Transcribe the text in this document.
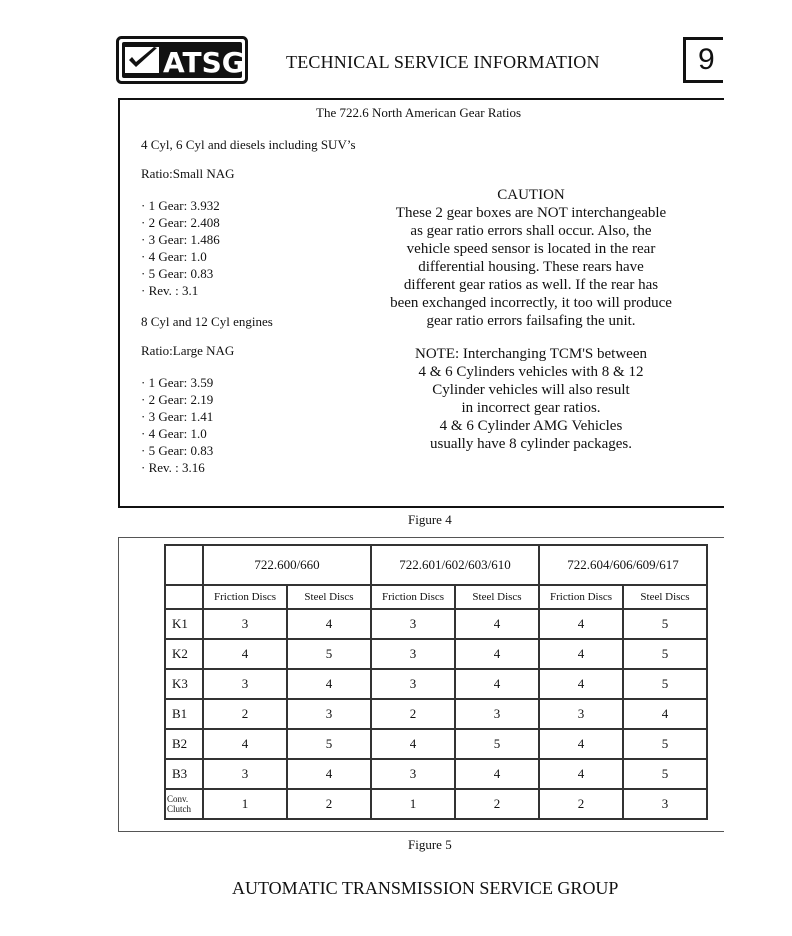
ATSG TECHNICAL SERVICE INFORMATION	9
The 722.6 North American Gear Ratios
4 Cyl, 6 Cyl and diesels including SUV’s
Ratio:Small NAG
· 1 Gear: 3.932
· 2 Gear: 2.408
· 3 Gear: 1.486
· 4 Gear: 1.0
· 5 Gear: 0.83
· Rev. : 3.1
8 Cyl and 12 Cyl engines
Ratio:Large NAG
· 1 Gear: 3.59
· 2 Gear: 2.19
· 3 Gear: 1.41
· 4 Gear: 1.0
· 5 Gear: 0.83
· Rev. : 3.16
CAUTION
These 2 gear boxes are NOT interchangeable
as gear ratio errors shall occur. Also, the
vehicle speed sensor is located in the rear
differential housing. These rears have
different gear ratios as well. If the rear has
been exchanged incorrectly, it too will produce
gear ratio errors failsafing the unit.
NOTE: Interchanging TCM'S between
4 & 6 Cylinders vehicles with 8 & 12
Cylinder vehicles will also result
in incorrect gear ratios.
4 & 6 Cylinder AMG Vehicles
usually have 8 cylinder packages.
Figure 4
	722.600/660		722.601/602/603/610		722.604/606/609/617	
	Friction Discs	Steel Discs	Friction Discs	Steel Discs	Friction Discs	Steel Discs
K1	3	4	3	4	4	5
K2	4	5	3	4	4	5
K3	3	4	3	4	4	5
B1	2	3	2	3	3	4
B2	4	5	4	5	4	5
B3	3	4	3	4	4	5

Conv.
Clutch	1	2	1	2	2	3
Figure 5
AUTOMATIC TRANSMISSION SERVICE GROUP
